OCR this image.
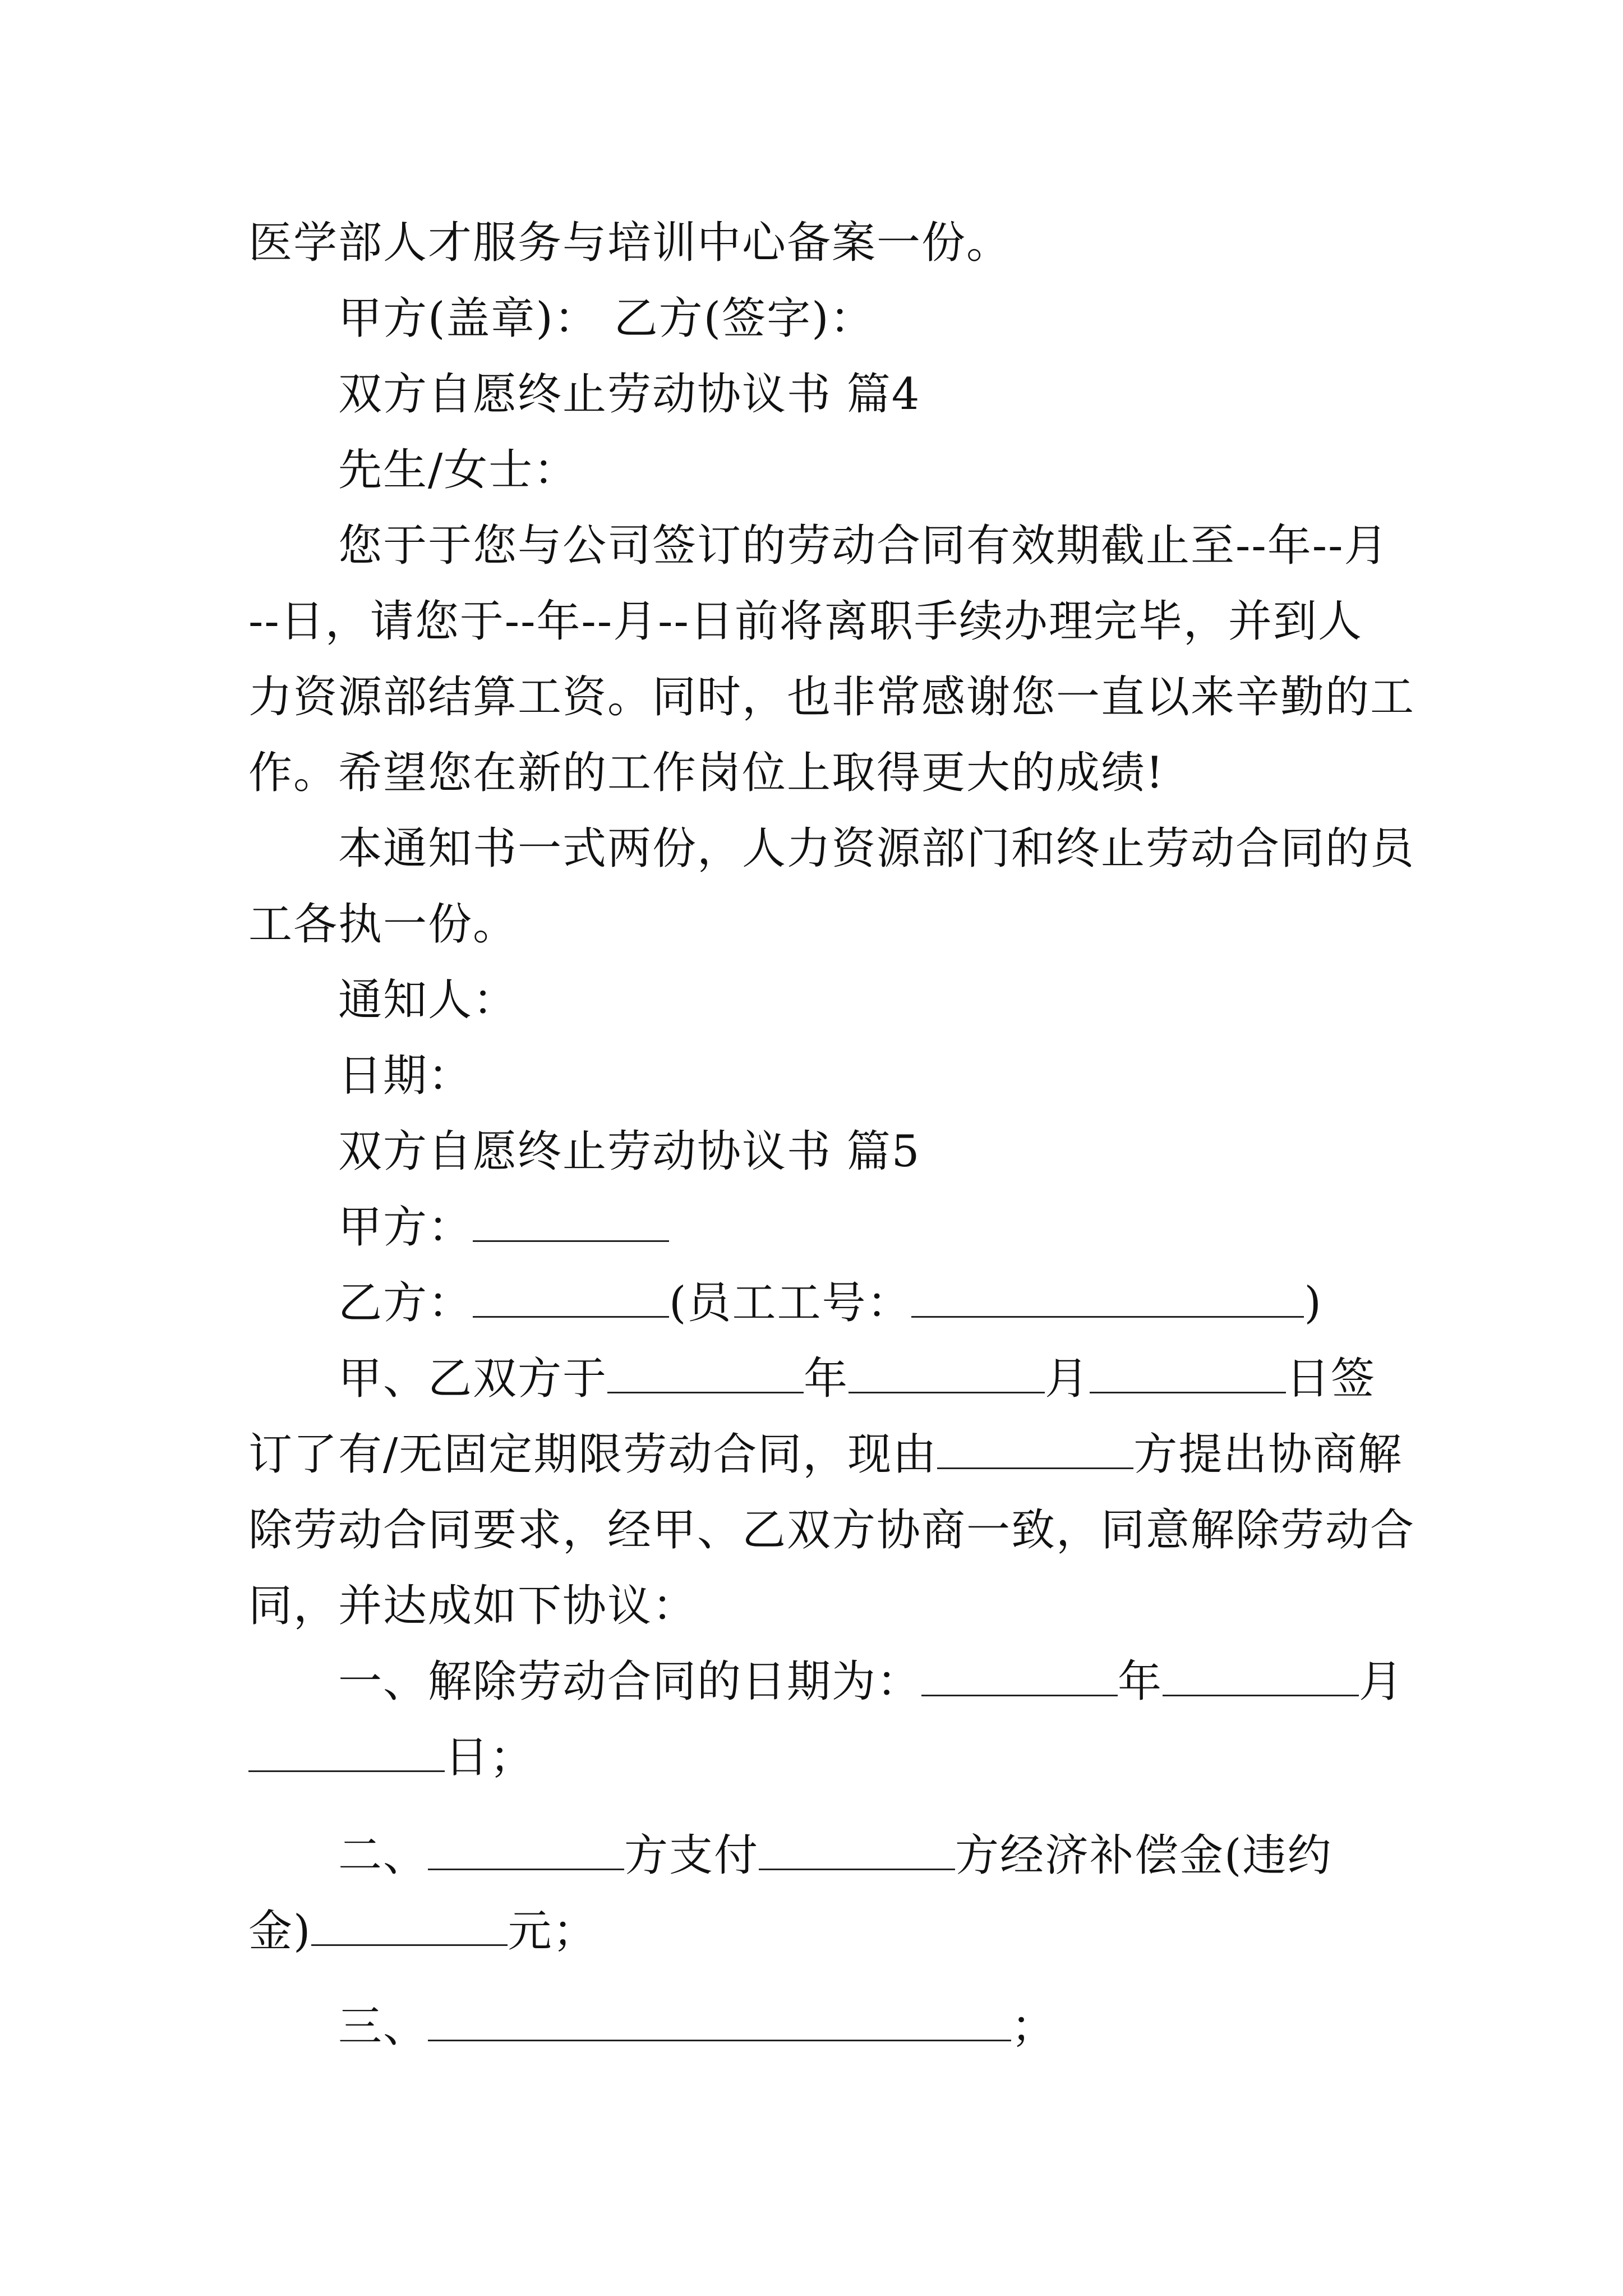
医学部人才服务与培训中心备案一份。
甲方(盖章)： 乙方(签字)：
双方自愿终止劳动协议书 篇4
先生/女士：
您于于您与公司签订的劳动合同有效期截止至--年--月
--日，请您于--年--月--日前将离职手续办理完毕，并到人
力资源部结算工资。同时，也非常感谢您一直以来辛勤的工
作。希望您在新的工作岗位上取得更大的成绩!
本通知书一式两份，人力资源部门和终止劳动合同的员
工各执一份。
通知人：
日期：
双方自愿终止劳动协议书 篇5
甲方：
乙方：	(员工工号：	)
甲、乙双方于	年	月	日签
订了有/无固定期限劳动合同，现由	方提出协商解
除劳动合同要求，经甲、乙双方协商一致，同意解除劳动合
同，并达成如下协议：
一、解除劳动合同的日期为：	年	月
日；
二、	方支付	方经济补偿金(违约
金)	元；
三、	；
